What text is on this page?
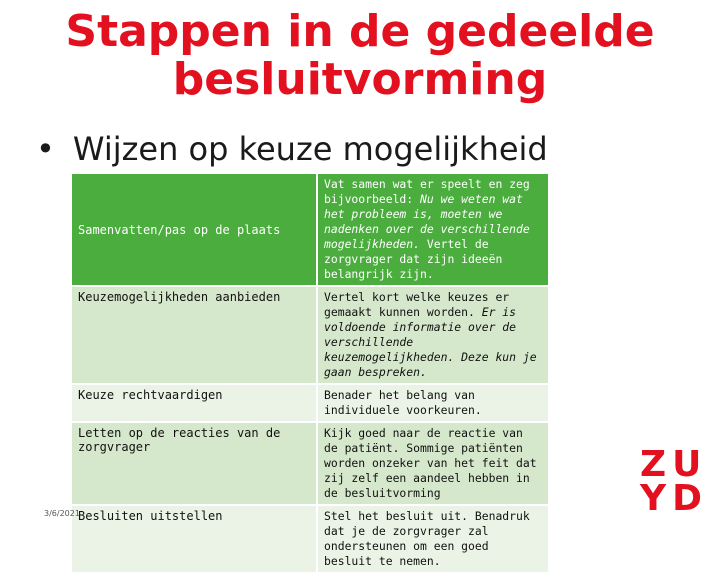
Stappen in de gedeelde
besluitvorming
• Wijzen op keuze mogelijkheid
Samenvatten/pas op de plaats	Vat samen wat er speelt en zeg bijvoorbeeld: Nu we weten wat het probleem is, moeten we nadenken over de verschillende mogelijkheden. Vertel de zorgvrager dat zijn ideeën belangrijk zijn.
Keuzemogelijkheden aanbieden	Vertel kort welke keuzes er gemaakt kunnen worden. Er is voldoende informatie over de verschillende keuzemogelijkheden. Deze kun je gaan bespreken.
Keuze rechtvaardigen	Benader het belang van individuele voorkeuren.
Letten op de reacties van de zorgvrager	Kijk goed naar de reactie van de patiënt. Sommige patiënten worden onzeker van het feit dat zij zelf een aandeel hebben in de besluitvorming
Besluiten uitstellen	Stel het besluit uit. Benadruk dat je de zorgvrager zal ondersteunen om een goed besluit te nemen.
3/6/2021
ZU
YD
